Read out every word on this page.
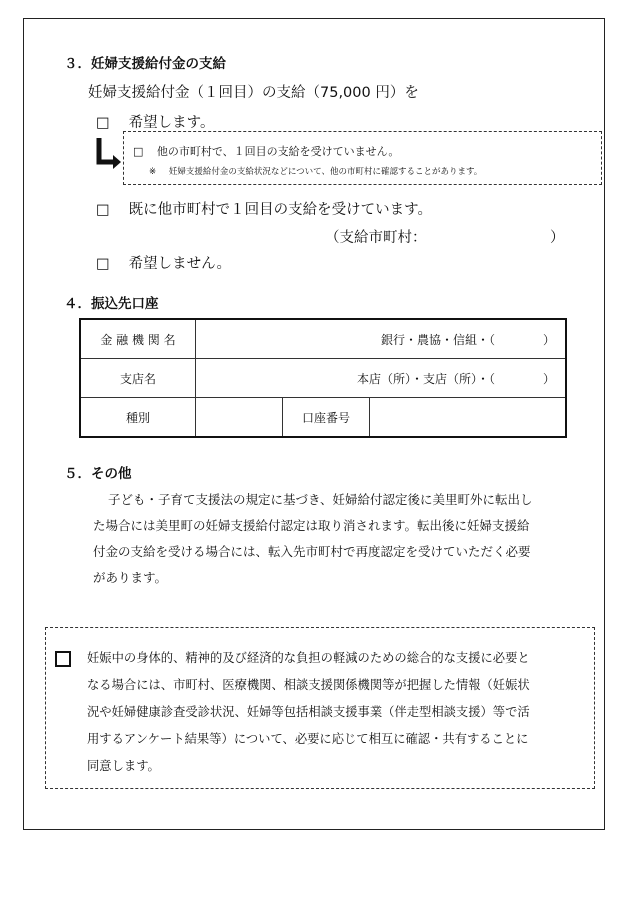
３．妊婦支援給付金の支給
妊婦支援給付金（１回目）の支給（75,000 円）を
□ 希望します。
□ 他の市町村で、１回目の支給を受けていません。
※ 妊婦支援給付金の支給状況などについて、他の市町村に確認することがあります。
□ 既に他市町村で１回目の支給を受けています。
（支給市町村：	）
□ 希望しません。
４．振込先口座
金 融 機 関 名	銀行・農協・信組・（　　　　）		
支店名	本店（所）・支店（所）・（　　　　）		
種別		口座番号	
５．その他
子ども・子育て支援法の規定に基づき、妊婦給付認定後に美里町外に転出し
た場合には美里町の妊婦支援給付認定は取り消されます。転出後に妊婦支援給
付金の支給を受ける場合には、転入先市町村で再度認定を受けていただく必要
があります。
妊娠中の身体的、精神的及び経済的な負担の軽減のための総合的な支援に必要と
なる場合には、市町村、医療機関、相談支援関係機関等が把握した情報（妊娠状
況や妊婦健康診査受診状況、妊婦等包括相談支援事業（伴走型相談支援）等で活
用するアンケート結果等）について、必要に応じて相互に確認・共有することに
同意します。
